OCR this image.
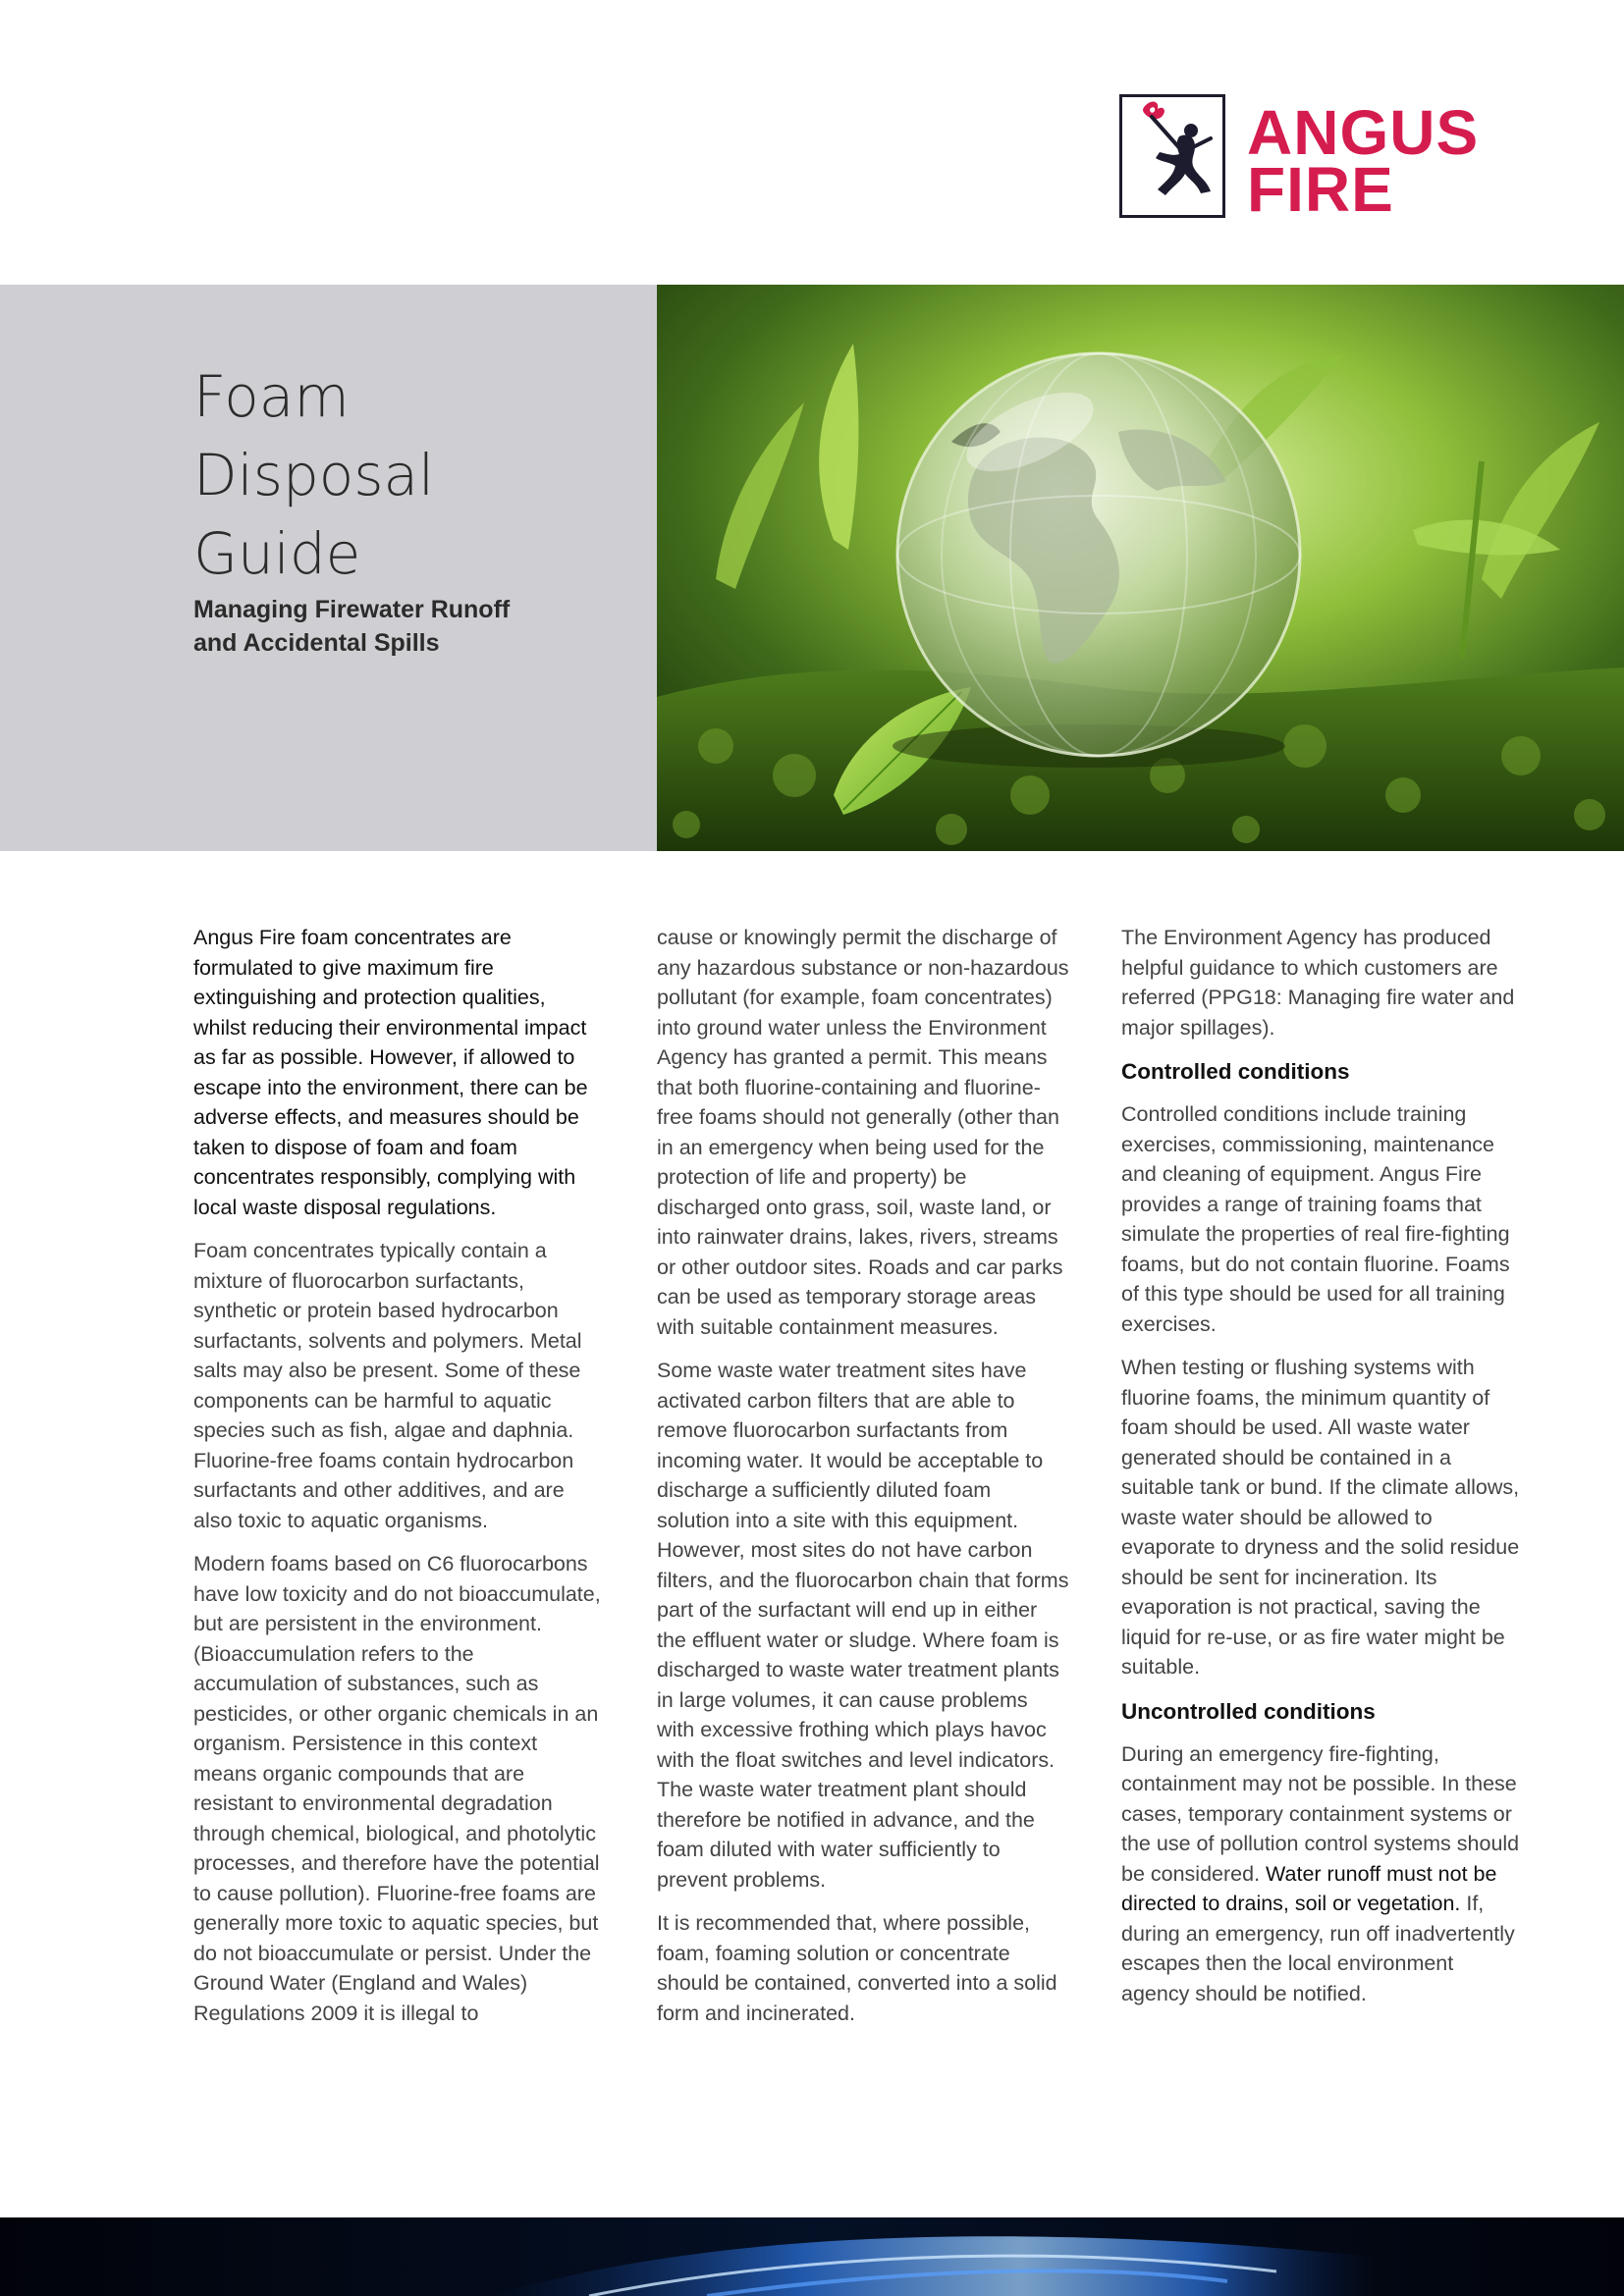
ANGUS
FIRE
Foam
Disposal
Guide
Managing Firewater Runoff
and Accidental Spills

Angus Fire foam concentrates are formulated to give maximum fire extinguishing and protection qualities, whilst reducing their environmental impact as far as possible. However, if allowed to escape into the environment, there can be adverse effects, and measures should be taken to dispose of foam and foam concentrates responsibly, complying with local waste disposal regulations.

Foam concentrates typically contain a mixture of fluorocarbon surfactants, synthetic or protein based hydrocarbon surfactants, solvents and polymers. Metal salts may also be present. Some of these components can be harmful to aquatic species such as fish, algae and daphnia. Fluorine-free foams contain hydrocarbon surfactants and other additives, and are also toxic to aquatic organisms.

Modern foams based on C6 fluorocarbons have low toxicity and do not bioaccumulate, but are persistent in the environment. (Bioaccumulation refers to the accumulation of substances, such as pesticides, or other organic chemicals in an organism. Persistence in this context means organic compounds that are resistant to environmental degradation through chemical, biological, and photolytic processes, and therefore have the potential to cause pollution). Fluorine-free foams are generally more toxic to aquatic species, but do not bioaccumulate or persist. Under the Ground Water (England and Wales) Regulations 2009 it is illegal to

cause or knowingly permit the discharge of any hazardous substance or non-hazardous pollutant (for example, foam concentrates) into ground water unless the Environment Agency has granted a permit. This means that both fluorine-containing and fluorine-free foams should not generally (other than in an emergency when being used for the protection of life and property) be discharged onto grass, soil, waste land, or into rainwater drains, lakes, rivers, streams or other outdoor sites. Roads and car parks can be used as temporary storage areas with suitable containment measures.

Some waste water treatment sites have activated carbon filters that are able to remove fluorocarbon surfactants from incoming water. It would be acceptable to discharge a sufficiently diluted foam solution into a site with this equipment. However, most sites do not have carbon filters, and the fluorocarbon chain that forms part of the surfactant will end up in either the effluent water or sludge. Where foam is discharged to waste water treatment plants in large volumes, it can cause problems with excessive frothing which plays havoc with the float switches and level indicators. The waste water treatment plant should therefore be notified in advance, and the foam diluted with water sufficiently to prevent problems.

It is recommended that, where possible, foam, foaming solution or concentrate should be contained, converted into a solid form and incinerated.

The Environment Agency has produced helpful guidance to which customers are referred (PPG18: Managing fire water and major spillages).

Controlled conditions

Controlled conditions include training exercises, commissioning, maintenance and cleaning of equipment. Angus Fire provides a range of training foams that simulate the properties of real fire-fighting foams, but do not contain fluorine. Foams of this type should be used for all training exercises.

When testing or flushing systems with fluorine foams, the minimum quantity of foam should be used. All waste water generated should be contained in a suitable tank or bund. If the climate allows, waste water should be allowed to evaporate to dryness and the solid residue should be sent for incineration. Its evaporation is not practical, saving the liquid for re-use, or as fire water might be suitable.

Uncontrolled conditions

During an emergency fire-fighting, containment may not be possible. In these cases, temporary containment systems or the use of pollution control systems should be considered. Water runoff must not be directed to drains, soil or vegetation. If, during an emergency, run off inadvertently escapes then the local environment agency should be notified.
